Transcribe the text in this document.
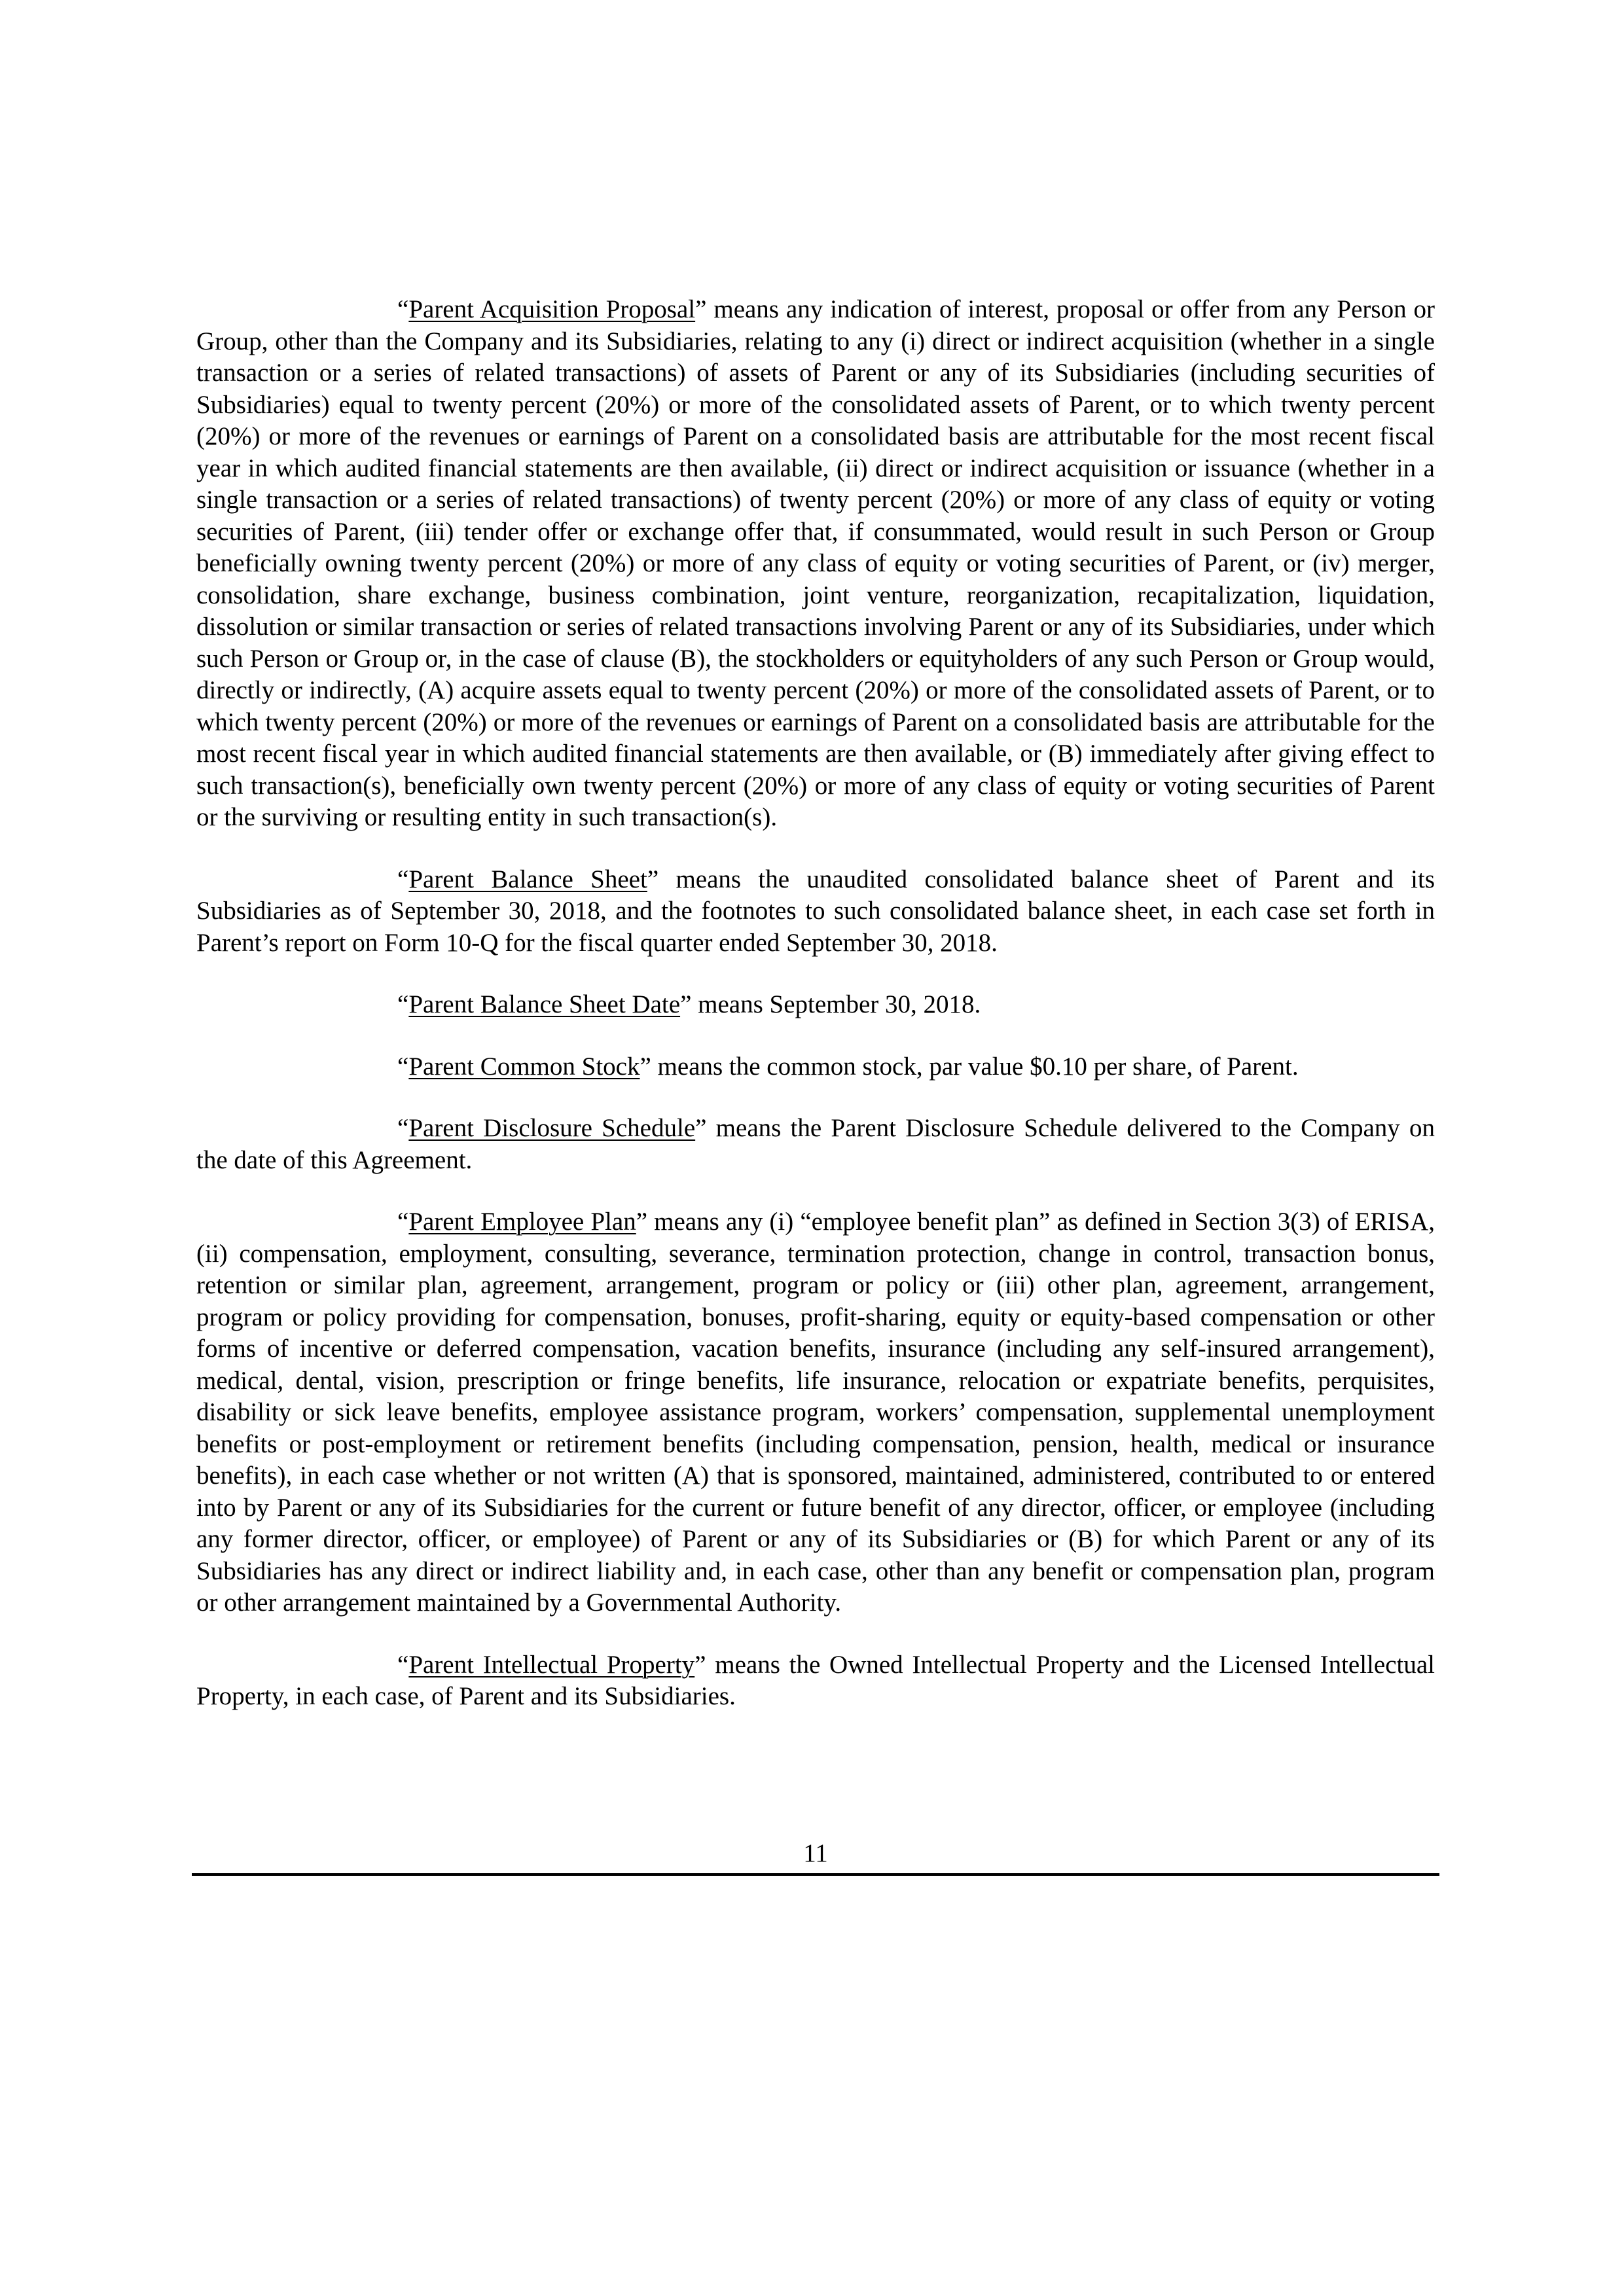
“Parent Acquisition Proposal” means any indication of interest, proposal or offer from any Person or Group, other than the Company and its Subsidiaries, relating to any (i) direct or indirect acquisition (whether in a single transaction or a series of related transactions) of assets of Parent or any of its Subsidiaries (including securities of Subsidiaries) equal to twenty percent (20%) or more of the consolidated assets of Parent, or to which twenty percent (20%) or more of the revenues or earnings of Parent on a consolidated basis are attributable for the most recent fiscal year in which audited financial statements are then available, (ii) direct or indirect acquisition or issuance (whether in a single transaction or a series of related transactions) of twenty percent (20%) or more of any class of equity or voting securities of Parent, (iii) tender offer or exchange offer that, if consummated, would result in such Person or Group beneficially owning twenty percent (20%) or more of any class of equity or voting securities of Parent, or (iv) merger, consolidation, share exchange, business combination, joint venture, reorganization, recapitalization, liquidation, dissolution or similar transaction or series of related transactions involving Parent or any of its Subsidiaries, under which such Person or Group or, in the case of clause (B), the stockholders or equityholders of any such Person or Group would, directly or indirectly, (A) acquire assets equal to twenty percent (20%) or more of the consolidated assets of Parent, or to which twenty percent (20%) or more of the revenues or earnings of Parent on a consolidated basis are attributable for the most recent fiscal year in which audited financial statements are then available, or (B) immediately after giving effect to such transaction(s), beneficially own twenty percent (20%) or more of any class of equity or voting securities of Parent or the surviving or resulting entity in such transaction(s).

“Parent Balance Sheet” means the unaudited consolidated balance sheet of Parent and its Subsidiaries as of September 30, 2018, and the footnotes to such consolidated balance sheet, in each case set forth in Parent’s report on Form 10-Q for the fiscal quarter ended September 30, 2018.

“Parent Balance Sheet Date” means September 30, 2018.

“Parent Common Stock” means the common stock, par value $0.10 per share, of Parent.

“Parent Disclosure Schedule” means the Parent Disclosure Schedule delivered to the Company on the date of this Agreement.

“Parent Employee Plan” means any (i) “employee benefit plan” as defined in Section 3(3) of ERISA, (ii) compensation, employment, consulting, severance, termination protection, change in control, transaction bonus, retention or similar plan, agreement, arrangement, program or policy or (iii) other plan, agreement, arrangement, program or policy providing for compensation, bonuses, profit-sharing, equity or equity-based compensation or other forms of incentive or deferred compensation, vacation benefits, insurance (including any self-insured arrangement), medical, dental, vision, prescription or fringe benefits, life insurance, relocation or expatriate benefits, perquisites, disability or sick leave benefits, employee assistance program, workers’ compensation, supplemental unemployment benefits or post-employment or retirement benefits (including compensation, pension, health, medical or insurance benefits), in each case whether or not written (A) that is sponsored, maintained, administered, contributed to or entered into by Parent or any of its Subsidiaries for the current or future benefit of any director, officer, or employee (including any former director, officer, or employee) of Parent or any of its Subsidiaries or (B) for which Parent or any of its Subsidiaries has any direct or indirect liability and, in each case, other than any benefit or compensation plan, program or other arrangement maintained by a Governmental Authority.

“Parent Intellectual Property” means the Owned Intellectual Property and the Licensed Intellectual Property, in each case, of Parent and its Subsidiaries.

11
